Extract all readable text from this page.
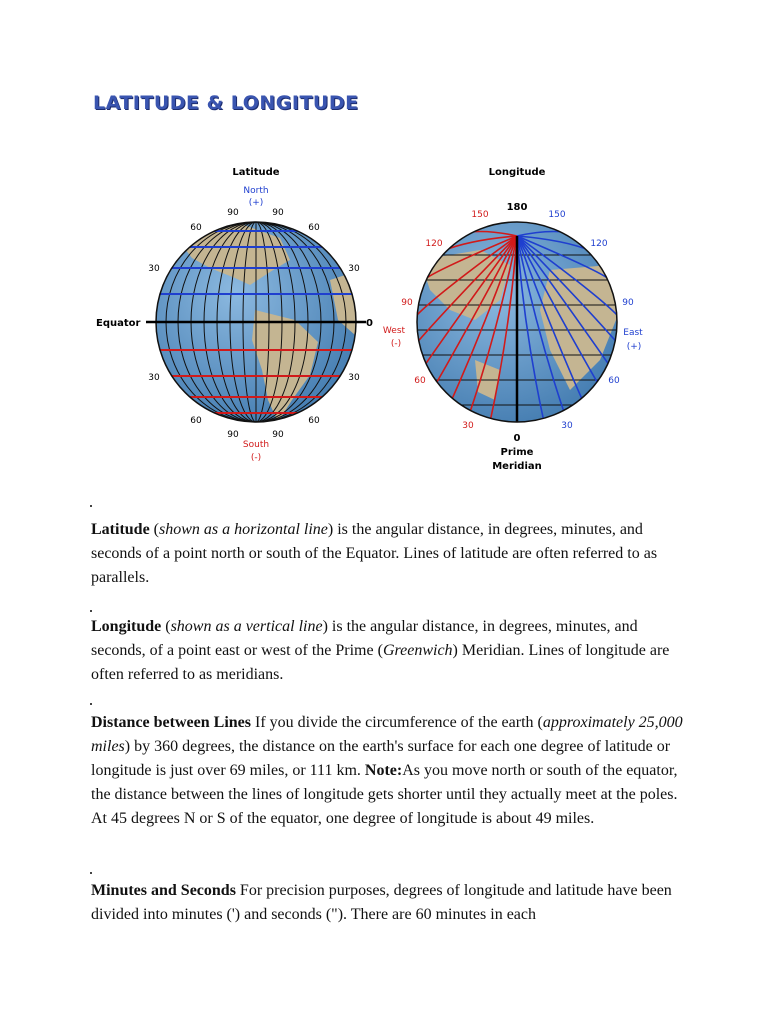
LATITUDE & LONGITUDE
Latitude
North
(+)
90	90
60	60
30	30
Equator	0
30	30
60	60
90	90
South
(-)
Longitude
180
150	150
120	120
90	90
West
(-)
East
(+)
60	60
30	30
0
Prime
Meridian

Latitude (shown as a horizontal line) is the angular distance, in degrees, minutes, and seconds of a point north or south of the Equator. Lines of latitude are often referred to as parallels.

Longitude (shown as a vertical line) is the angular distance, in degrees, minutes, and seconds, of a point east or west of the Prime (Greenwich) Meridian. Lines of longitude are often referred to as meridians.

Distance between Lines If you divide the circumference of the earth (approximately 25,000 miles) by 360 degrees, the distance on the earth's surface for each one degree of latitude or longitude is just over 69 miles, or 111 km. Note:As you move north or south of the equator, the distance between the lines of longitude gets shorter until they actually meet at the poles. At 45 degrees N or S of the equator, one degree of longitude is about 49 miles.

Minutes and Seconds For precision purposes, degrees of longitude and latitude have been divided into minutes (') and seconds ("). There are 60 minutes in each
